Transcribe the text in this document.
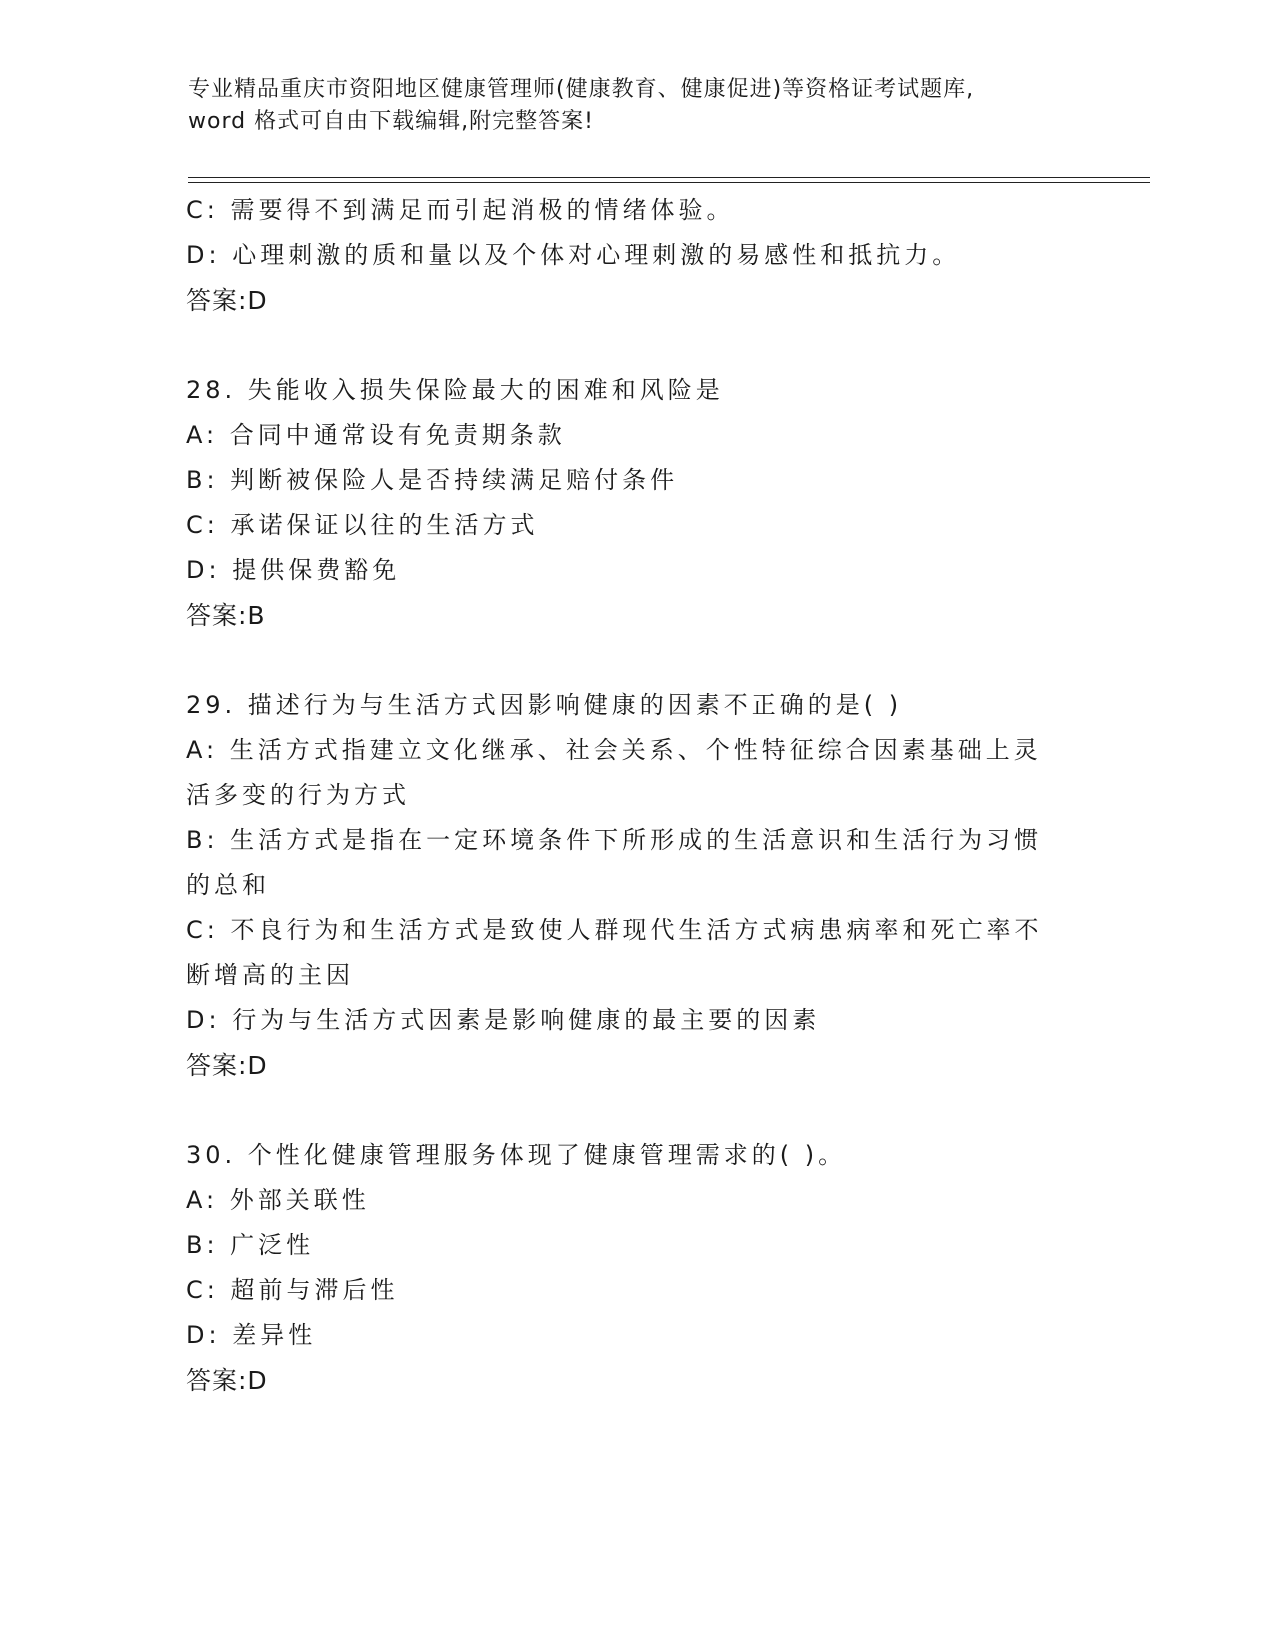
专业精品重庆市资阳地区健康管理师(健康教育、健康促进)等资格证考试题库,
word 格式可自由下载编辑,附完整答案!
C: 需要得不到满足而引起消极的情绪体验。
D: 心理刺激的质和量以及个体对心理刺激的易感性和抵抗力。
答案:D
28. 失能收入损失保险最大的困难和风险是
A: 合同中通常设有免责期条款
B: 判断被保险人是否持续满足赔付条件
C: 承诺保证以往的生活方式
D: 提供保费豁免
答案:B
29. 描述行为与生活方式因影响健康的因素不正确的是( )
A: 生活方式指建立文化继承、社会关系、个性特征综合因素基础上灵活多变的行为方式
B: 生活方式是指在一定环境条件下所形成的生活意识和生活行为习惯的总和
C: 不良行为和生活方式是致使人群现代生活方式病患病率和死亡率不断增高的主因
D: 行为与生活方式因素是影响健康的最主要的因素
答案:D
30. 个性化健康管理服务体现了健康管理需求的( )。
A: 外部关联性
B: 广泛性
C: 超前与滞后性
D: 差异性
答案:D
